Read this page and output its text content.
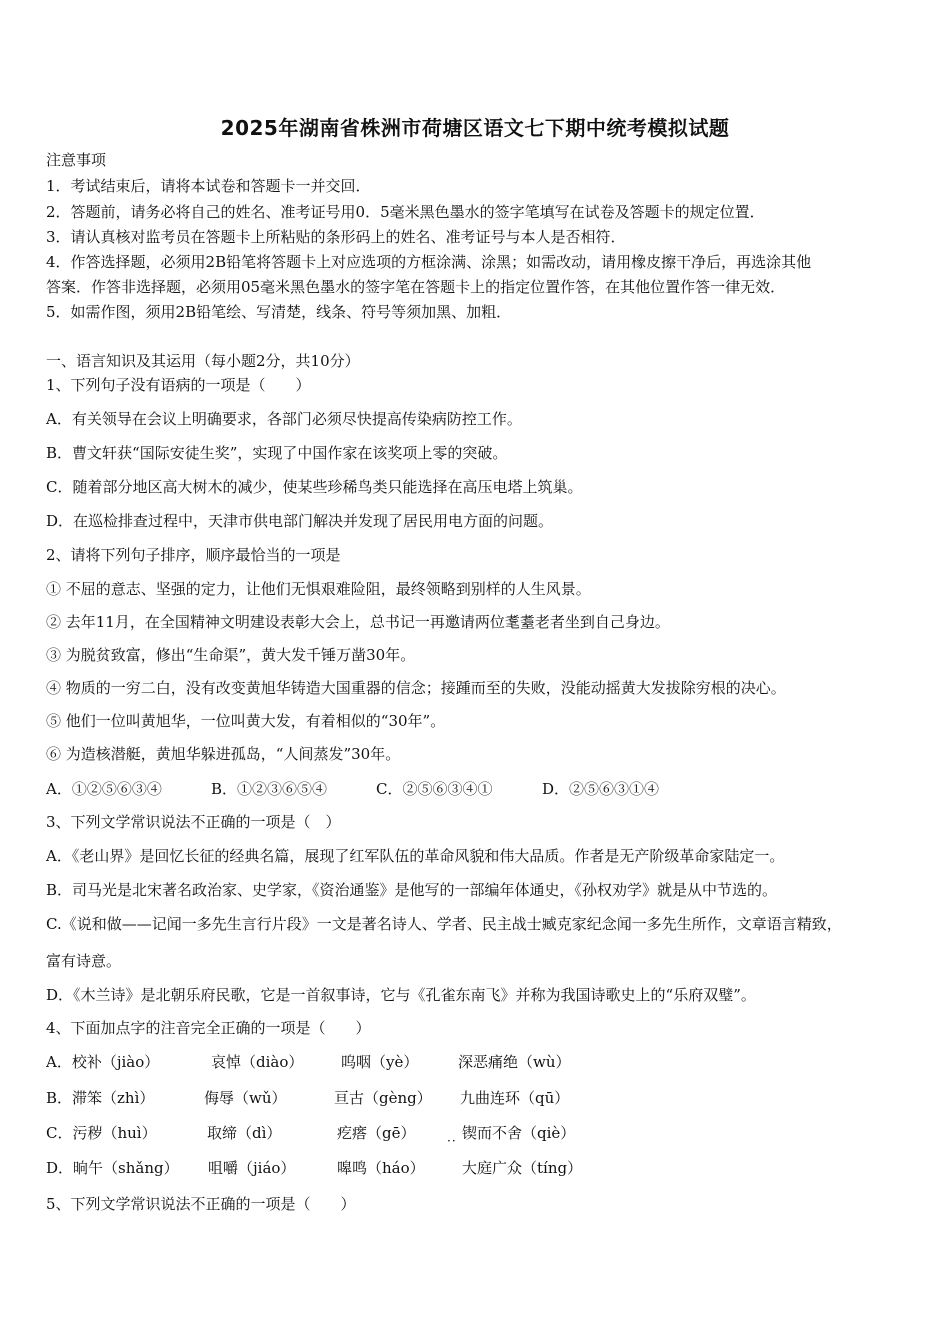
2025年湖南省株洲市荷塘区语文七下期中统考模拟试题
注意事项
1．考试结束后，请将本试卷和答题卡一并交回．
2．答题前，请务必将自己的姓名、准考证号用0．5毫米黑色墨水的签字笔填写在试卷及答题卡的规定位置．
3．请认真核对监考员在答题卡上所粘贴的条形码上的姓名、准考证号与本人是否相符．
4．作答选择题，必须用2B铅笔将答题卡上对应选项的方框涂满、涂黑；如需改动，请用橡皮擦干净后，再选涂其他
答案．作答非选择题，必须用05毫米黑色墨水的签字笔在答题卡上的指定位置作答，在其他位置作答一律无效．
5．如需作图，须用2B铅笔绘、写清楚，线条、符号等须加黑、加粗．
一、语言知识及其运用（每小题2分，共10分）
1、下列句子没有语病的一项是（　　）
A．有关领导在会议上明确要求，各部门必须尽快提高传染病防控工作。
B．曹文轩获“国际安徒生奖”，实现了中国作家在该奖项上零的突破。
C．随着部分地区高大树木的减少，使某些珍稀鸟类只能选择在高压电塔上筑巢。
D．在巡检排查过程中，天津市供电部门解决并发现了居民用电方面的问题。
2、请将下列句子排序，顺序最恰当的一项是
① 不屈的意志、坚强的定力，让他们无惧艰难险阻，最终领略到别样的人生风景。
② 去年11月，在全国精神文明建设表彰大会上，总书记一再邀请两位耄耋老者坐到自己身边。
③ 为脱贫致富，修出“生命渠”，黄大发千锤万凿30年。
④ 物质的一穷二白，没有改变黄旭华铸造大国重器的信念；接踵而至的失败，没能动摇黄大发拔除穷根的决心。
⑤ 他们一位叫黄旭华，一位叫黄大发，有着相似的“30年”。
⑥ 为造核潜艇，黄旭华躲进孤岛，“人间蒸发”30年。
A．①②⑤⑥③④	B．①②③⑥⑤④	C．②⑤⑥③④①	D．②⑤⑥③①④
3、下列文学常识说法不正确的一项是（　）
A．《老山界》是回忆长征的经典名篇，展现了红军队伍的革命风貌和伟大品质。作者是无产阶级革命家陆定一。
B．司马光是北宋著名政治家、史学家，《资治通鉴》是他写的一部编年体通史，《孙权劝学》就是从中节选的。
C.《说和做——记闻一多先生言行片段》一文是著名诗人、学者、民主战士臧克家纪念闻一多先生所作，文章语言精致，
富有诗意。
D．《木兰诗》是北朝乐府民歌，它是一首叙事诗，它与《孔雀东南飞》并称为我国诗歌史上的“乐府双璧”。
4、下面加点字的注音完全正确的一项是（　　）
A．校补（jiào）	哀悼（diào）	呜咽（yè）	深恶痛绝（wù）
B．滞笨（zhì）	侮辱（wǔ）	亘古（gèng） 九曲连环（qū）
C．污秽（huì）	取缔（dì）	疙瘩（gē）	锲而不舍（qiè）
··
D．晌午（shǎng） 咀嚼（jiáo）	嗥鸣（háo） 大庭广众（tíng）
5、下列文学常识说法不正确的一项是（　　）
